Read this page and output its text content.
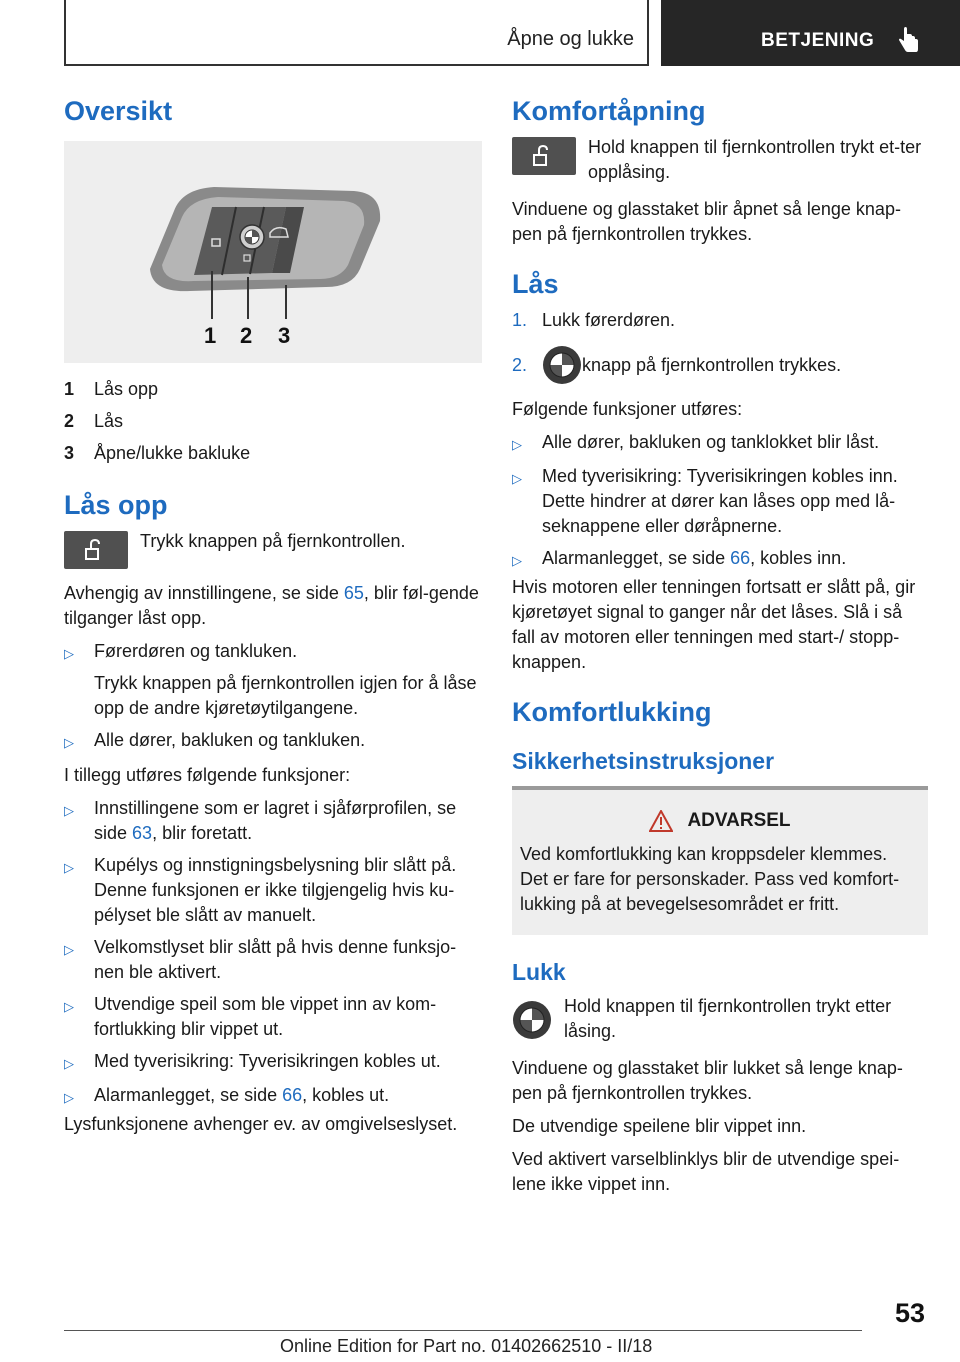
Åpne og lukke	BETJENING
Oversikt
1 2 3
1	Lås opp
2	Lås
3	Åpne/lukke bakluke
Lås opp

Trykk knappen på fjernkontrollen.

Avhengig av innstillingene, se side 65, blir føl-gende tilganger låst opp.

▷	Førerdøren og tankluken.
Trykk knappen på fjernkontrollen igjen for å låse opp de andre kjøretøytilgangene.
▷	Alle dører, bakluken og tankluken.

I tillegg utføres følgende funksjoner:

▷	Innstillingene som er lagret i sjåførprofilen, se side 63, blir foretatt.
▷	Kupélys og innstigningsbelysning blir slått på. Denne funksjonen er ikke tilgjengelig hvis ku-pélyset ble slått av manuelt.
▷	Velkomstlyset blir slått på hvis denne funksjo-nen ble aktivert.
▷	Utvendige speil som ble vippet inn av kom-fortlukking blir vippet ut.
▷	Med tyverisikring: Tyverisikringen kobles ut.
▷	Alarmanlegget, se side 66, kobles ut.

Lysfunksjonene avhenger ev. av omgivelseslyset.

Komfortåpning

Hold knappen til fjernkontrollen trykt et-ter opplåsing.

Vinduene og glasstaket blir åpnet så lenge knap-pen på fjernkontrollen trykkes.

Lås
1. Lukk førerdøren.
2.	knapp på fjernkontrollen trykkes.

Følgende funksjoner utføres:

▷	Alle dører, bakluken og tanklokket blir låst.
▷	Med tyverisikring: Tyverisikringen kobles inn. Dette hindrer at dører kan låses opp med lå-seknappene eller døråpnerne.
▷	Alarmanlegget, se side 66, kobles inn.

Hvis motoren eller tenningen fortsatt er slått på, gir kjøretøyet signal to ganger når det låses. Slå i så fall av motoren eller tenningen med start-/ stopp-knappen.

Komfortlukking
Sikkerhetsinstruksjoner
ADVARSEL

Ved komfortlukking kan kroppsdeler klemmes. Det er fare for personskader. Pass ved komfort-lukking på at bevegelsesområdet er fritt.

Lukk

Hold knappen til fjernkontrollen trykt etter låsing.

Vinduene og glasstaket blir lukket så lenge knap-pen på fjernkontrollen trykkes.

De utvendige speilene blir vippet inn.

Ved aktivert varselblinklys blir de utvendige spei-lene ikke vippet inn.

53
Online Edition for Part no. 01402662510 - II/18
